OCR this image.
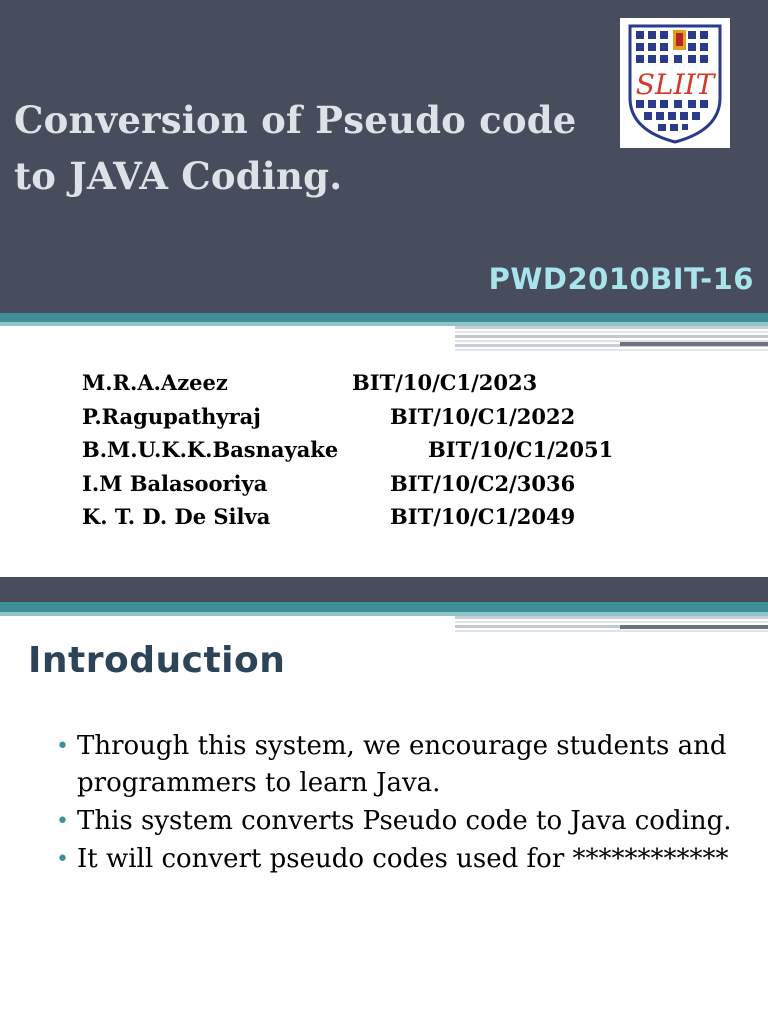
Conversion of Pseudo code to JAVA Coding.
SLIIT

PWD2010BIT-16

M.R.A.Azeez	BIT/10/C1/2023
P.Ragupathyraj	BIT/10/C1/2022
B.M.U.K.K.Basnayake	BIT/10/C1/2051
I.M Balasooriya	BIT/10/C2/3036
K. T. D. De Silva	BIT/10/C1/2049
Introduction
• Through this system, we encourage students and programmers to learn Java.
• This system converts Pseudo code to Java coding.
• It will convert pseudo codes used for ************
